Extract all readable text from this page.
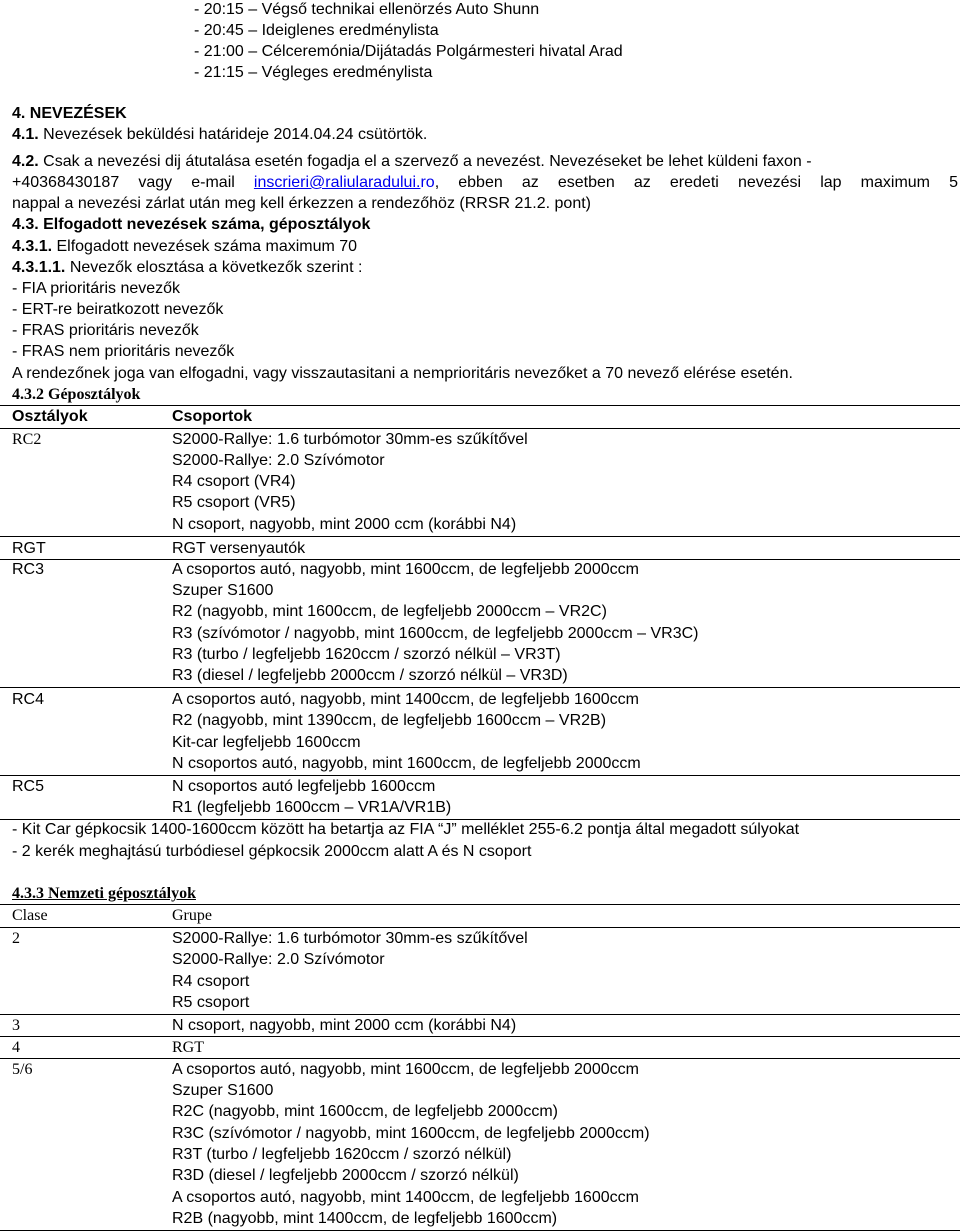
- 20:15 – Végső technikai ellenörzés Auto Shunn
- 20:45 – Ideiglenes eredménylista
- 21:00 – Célceremónia/Dijátadás Polgármesteri hivatal Arad
- 21:15 – Végleges eredménylista
4. NEVEZÉSEK
4.1. Nevezések beküldési határideje 2014.04.24 csütörtök.
4.2. Csak a nevezési dij átutalása esetén fogadja el a szervező a nevezést. Nevezéseket be lehet küldeni faxon -
+40368430187 vagy e-mail inscrieri@raliularadului.ro, ebben az esetben az eredeti nevezési lap maximum 5
nappal a nevezési zárlat után meg kell érkezzen a rendezőhöz (RRSR 21.2. pont)
4.3. Elfogadott nevezések száma, géposztályok
4.3.1. Elfogadott nevezések száma maximum 70
4.3.1.1. Nevezők elosztása a következők szerint :
- FIA prioritáris nevezők
- ERT-re beiratkozott nevezők
- FRAS prioritáris nevezők
- FRAS nem prioritáris nevezők
A rendezőnek joga van elfogadni, vagy visszautasitani a nemprioritáris nevezőket a 70 nevező elérése esetén.
4.3.2 Géposztályok
Osztályok	Csoportok
RC2	S2000-Rallye: 1.6 turbómotor 30mm-es szűkítővel
S2000-Rallye: 2.0 Szívómotor
R4 csoport (VR4)
R5 csoport (VR5)
N csoport, nagyobb, mint 2000 ccm (korábbi N4)
RGT	RGT versenyautók
RC3	A csoportos autó, nagyobb, mint 1600ccm, de legfeljebb 2000ccm
Szuper S1600
R2 (nagyobb, mint 1600ccm, de legfeljebb 2000ccm – VR2C)
R3 (szívómotor / nagyobb, mint 1600ccm, de legfeljebb 2000ccm – VR3C)
R3 (turbo / legfeljebb 1620ccm / szorzó nélkül – VR3T)
R3 (diesel / legfeljebb 2000ccm / szorzó nélkül – VR3D)
RC4	A csoportos autó, nagyobb, mint 1400ccm, de legfeljebb 1600ccm
R2 (nagyobb, mint 1390ccm, de legfeljebb 1600ccm – VR2B)
Kit-car legfeljebb 1600ccm
N csoportos autó, nagyobb, mint 1600ccm, de legfeljebb 2000ccm
RC5	N csoportos autó legfeljebb 1600ccm
R1 (legfeljebb 1600ccm – VR1A/VR1B)
- Kit Car gépkocsik 1400-1600ccm között ha betartja az FIA “J” melléklet 255-6.2 pontja által megadott súlyokat
- 2 kerék meghajtású turbódiesel gépkocsik 2000ccm alatt A és N csoport
4.3.3 Nemzeti géposztályok
Clase	Grupe
2	S2000-Rallye: 1.6 turbómotor 30mm-es szűkítővel
S2000-Rallye: 2.0 Szívómotor
R4 csoport
R5 csoport
3	N csoport, nagyobb, mint 2000 ccm (korábbi N4)
4	RGT
5/6	A csoportos autó, nagyobb, mint 1600ccm, de legfeljebb 2000ccm
Szuper S1600
R2C (nagyobb, mint 1600ccm, de legfeljebb 2000ccm)
R3C (szívómotor / nagyobb, mint 1600ccm, de legfeljebb 2000ccm)
R3T (turbo / legfeljebb 1620ccm / szorzó nélkül)
R3D (diesel / legfeljebb 2000ccm / szorzó nélkül)
A csoportos autó, nagyobb, mint 1400ccm, de legfeljebb 1600ccm
R2B (nagyobb, mint 1400ccm, de legfeljebb 1600ccm)
